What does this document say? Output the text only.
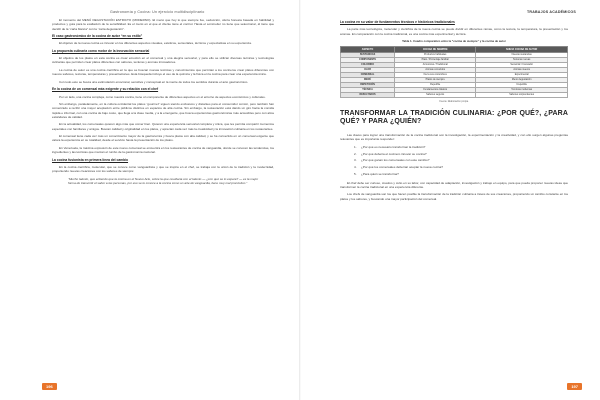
Gastronomía y Cocina: Un ejercicio multidisciplinario

El momento del MENÚ DEGUSTACIÓN ESTRICTO (MODERNO). El menú que hoy lo que siempre fue, seducción, oferta honesta basada en habilidad y productos y guía para la exaltación de la sensibilidad. Es el menú en el que el cliente tiene el control. Hasta el sommelier no tiene que seleccionar, él tiene que decidir de la “carta blanca” con la “carta degustación”.

El caso gastronómico de la cocina de autor “en su estilo”

El objetivo de la nueva cocina es innovar en los diferentes aspectos visuales, estéticos, sensoriales, técnicos y expectativas en su experiencia.

La propuesta culinaria como motor de la innovación sensorial

El objetivo de los platos en esta cocina es crear emoción en el comensal y una alegría sensorial, y para ello se utilizan diversas técnicas y tecnologías culinarias que permiten crear platos diferentes con sabores, texturas y aromas innovadores.

La cocina de autor es una cocina científica en la que se buscan nuevas técnicas y conocimientos que permitan a los cocineros crear platos diferentes con nuevos sabores, texturas, temperaturas y presentaciones. Esta búsqueda incluye el uso de la química y la física en la cocina para crear una experiencia única.

Con todo esto se busca una estimulación emocional, sensitiva y conceptual en la mente de todos los sentidos durante el acto gastronómico.

En la cocina de un comensal más exigente y su relación con el chef

Por un lado, una cocina compleja, como nuestra cocina, tiene un componente de diferentes aspectos en el entorno de aspectos económicos y culturales.

Sin embargo, paralelamente, en la cultura occidental los platos “gourmet” siguen siendo exclusivos y distantes para el consumidor común, pero también han comenzado a recibir una mayor aceptación entre públicos distintos en espacios de alta cocina. Sin embargo, la restauración está dando un giro hacia la comida rápida e informal, con una cocina de bajo costo, que llega a la clase media, y a la emergente, que busca experiencias gastronómicas más accesibles pero con altos estándares de calidad.

En la actualidad, los comensales quieren algo más que comer bien. Quieren una experiencia sensorial completa y única, que les permita compartir momentos especiales con familiares y amigos. Buscan calidad y originalidad en los platos, y aprecian cada vez más la creatividad y la innovación culinaria en los restaurantes.

El comensal tiene cada vez más un conocimiento mayor de la gastronomía y busca platos con alta calidad, y se ha convertido en un comensal exigente que valora la experiencia en su totalidad, desde el servicio hasta la presentación de los platos.

En Venezuela, la máxima expresión de este nuevo comensal se encuentra en los restaurantes de cocina de vanguardia, donde se conocen las tendencias, los ingredientes y las técnicas que marcan el rumbo de la gastronomía nacional.

La cocina fusionista en primera línea del cambio

En la cocina científica, molecular, que se conoce como vanguardista y que se inspira en el chef, se trabaja con la unión de la tradición y la modernidad, proponiendo nuevas creaciones con los sabores de siempre:

“Mucho talento, que entiendo que la cocina en el Nuevo Arte, sobre la que resultaría con el talento — ¿con qué se lo espera? — es la mejor forma de transmitir el sabor a las personas, por eso se le conoce a la cocina como un arte de vanguardia, tiene muy mal pronóstico.”
196
TRABAJOS ACADÉMICOS
La cocina en su valor de fundamentos técnicos e históricos tradicionales

La parte más tecnológica, molecular y científica de la nueva cocina se puede dividir en diferentes ramas, como la textura, la temperatura, la presentación y los aromas. En comparación con la cocina tradicional, es una cocina más experimental y técnica.

Tabla 1. Cuadro comparativo entre la “cocina de siempre” y la cocina de autor
ASPECTO	COCINA DE SIEMPRE	NUEVA COCINA DE AUTOR
SUSTANCIAS	Productos habituales	Nuevas sustancias
COMPONENTE	Plato / Porcentaje familiar	Texturas nuevas
COLORIDO	Armonioso / Tradicional	Sensorial / Innovador
OLOR	Aromas conocidos	Aromas nuevos
COMENSAL	Fiel a sus costumbres	Experimental
MENÚ	Platos de siempre	Menú degustación
REPETICIÓN	Repetible	Irrepetible
TÉCNICA	Fundamentos clásicos	Técnicas modernas
RESULTADOS	Sabores seguros	Sabores sorprendentes
Fuente: Elaboración propia.
TRANSFORMAR LA TRADICIÓN CULINARIA: ¿POR QUÉ?, ¿PARA QUÉ? Y PARA ¿QUIÉN?

Las claves para lograr una transformación de la cocina tradicional son la investigación, la experimentación y la creatividad, y con ello surgen algunas preguntas relevantes que es importante responder:

1.	¿Por qué es necesario transformar la tradición?
2.	¿Por qué debería el cocinero innovar su cocina?
3.	¿Por qué ganan los comensales con este cambio?
4.	¿Por qué los comensales deberían aceptar la nueva cocina?
5.	¿Para quién se transforma?

El chef debe ser curioso, creativo y culto en su labor, con capacidad de adaptación, investigación y trabajo en equipo, para que pueda proponer nuevas ideas que transformen la cocina tradicional en una experiencia diferente.

Los chefs de vanguardia son los que hacen posible la transformación de la tradición culinaria a través de sus creaciones, proponiendo un cambio constante en los platos y los sabores, y buscando una mayor participación del comensal.

197
